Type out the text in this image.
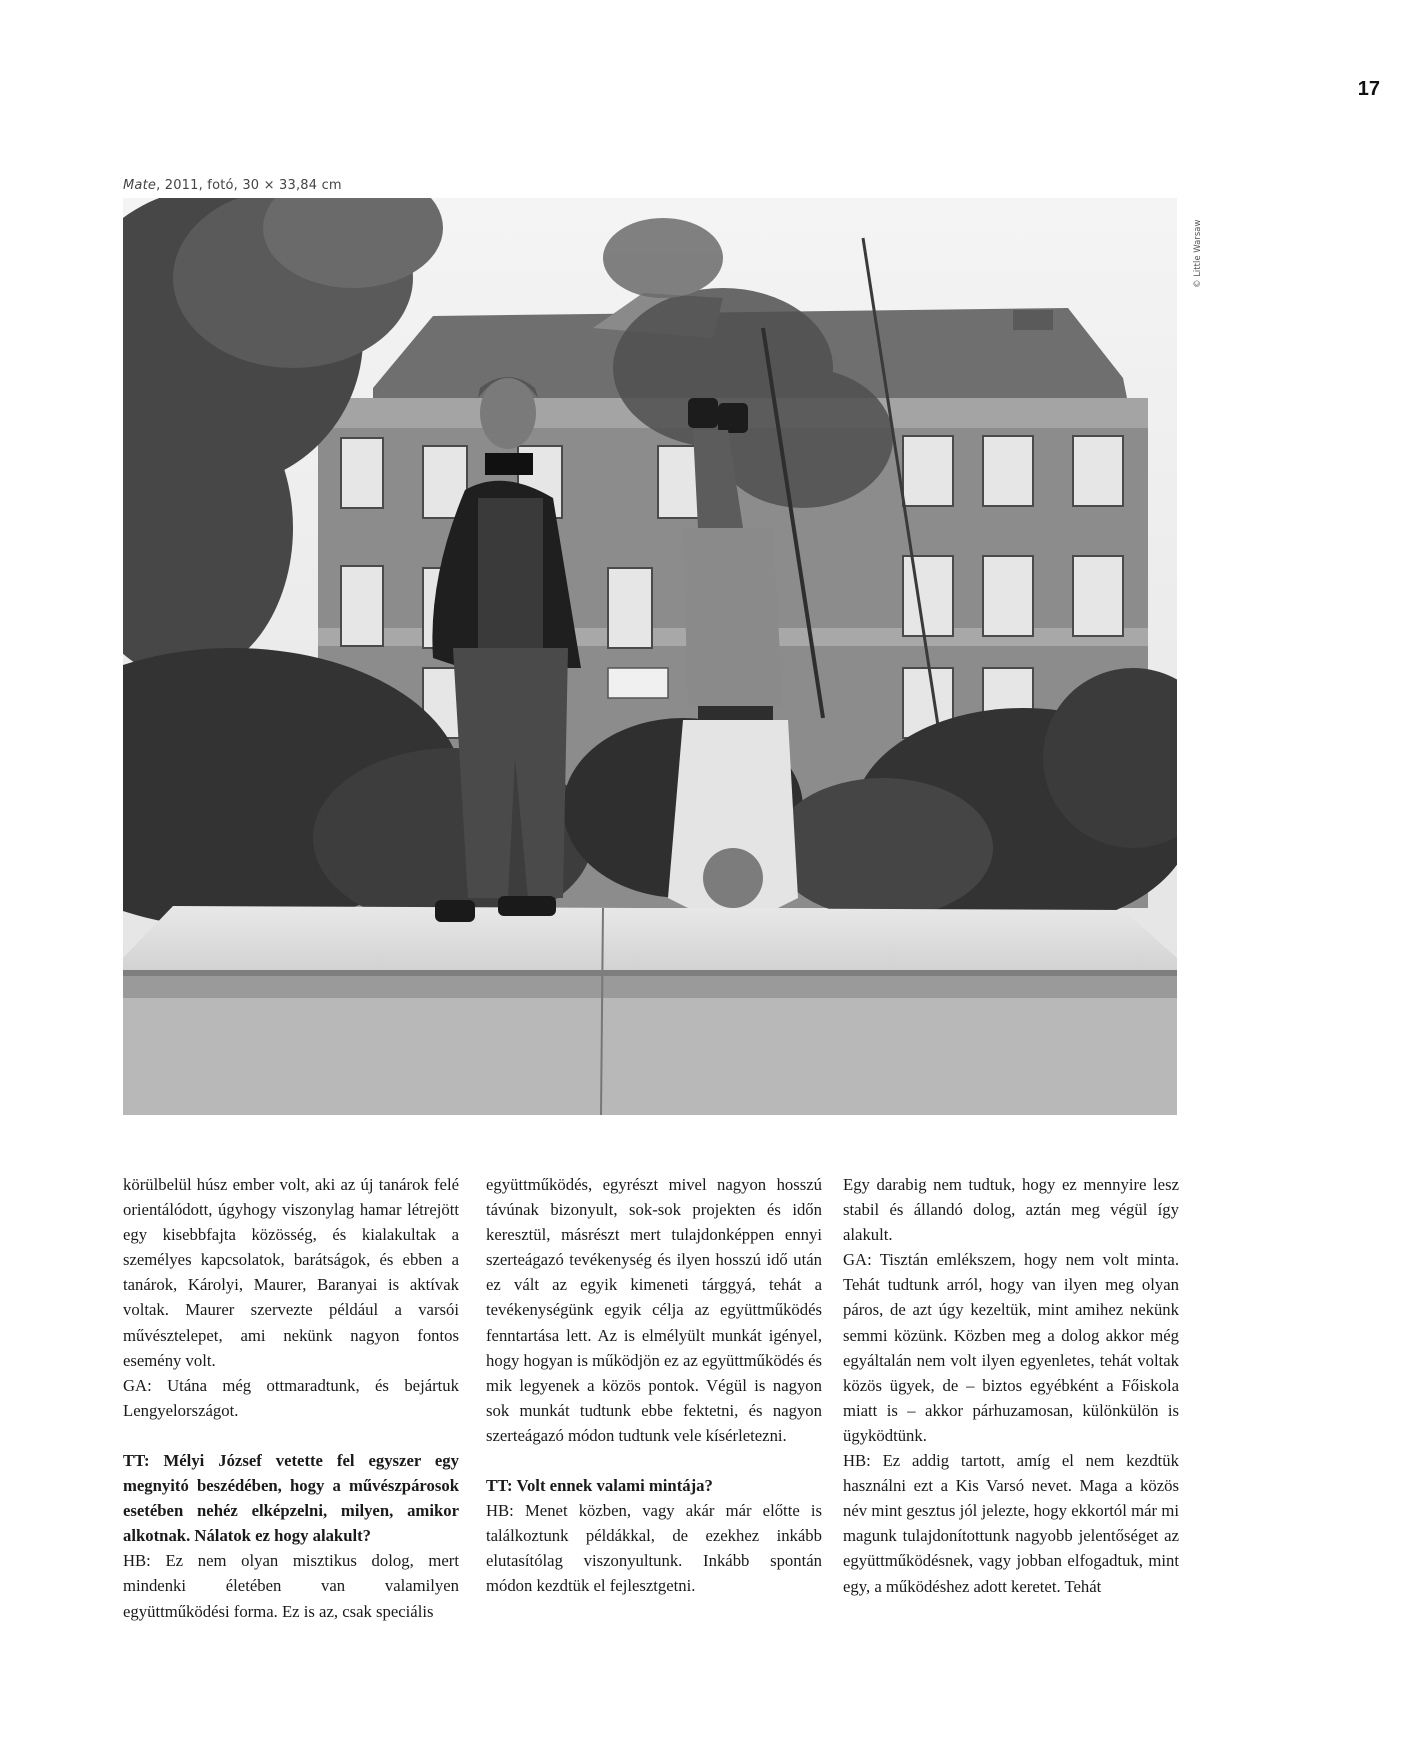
17
Mate, 2011, fotó, 30 × 33,84 cm
© Little Warsaw

körülbelül húsz ember volt, aki az új tanárok felé orientálódott, úgyhogy viszonylag hamar létrejött egy kisebbfajta közösség, és kialakultak a személyes kapcsolatok, barátságok, és ebben a tanárok, Károlyi, Maurer, Baranyai is aktívak voltak. Maurer szervezte például a varsói művésztelepet, ami nekünk nagyon fontos esemény volt.

GA: Utána még ottmaradtunk, és bejártuk Lengyelországot.

TT: Mélyi József vetette fel egyszer egy megnyitó beszédében, hogy a művészpárosok esetében nehéz elképzelni, milyen, amikor alkotnak. Nálatok ez hogy alakult?

HB: Ez nem olyan misztikus dolog, mert mindenki életében van valamilyen együttműködési forma. Ez is az, csak speciális

együttműködés, egyrészt mivel nagyon hosszú távúnak bizonyult, sok-sok projekten és időn keresztül, másrészt mert tulajdonképpen ennyi szerteágazó tevékenység és ilyen hosszú idő után ez vált az egyik kimeneti tárggyá, tehát a tevékenységünk egyik célja az együttműködés fenntartása lett. Az is elmélyült munkát igényel, hogy hogyan is működjön ez az együttműködés és mik legyenek a közös pontok. Végül is nagyon sok munkát tudtunk ebbe fektetni, és nagyon szerteágazó módon tudtunk vele kísérletezni.

TT: Volt ennek valami mintája?

HB: Menet közben, vagy akár már előtte is találkoztunk példákkal, de ezekhez inkább elutasítólag viszonyultunk. Inkább spontán módon kezdtük el fejlesztgetni.

Egy darabig nem tudtuk, hogy ez mennyire lesz stabil és állandó dolog, aztán meg végül így alakult.

GA: Tisztán emlékszem, hogy nem volt minta. Tehát tudtunk arról, hogy van ilyen meg olyan páros, de azt úgy kezeltük, mint amihez nekünk semmi közünk. Közben meg a dolog akkor még egyáltalán nem volt ilyen egyenletes, tehát voltak közös ügyek, de – biztos egyébként a Főiskola miatt is – akkor párhuzamosan, különkülön is ügyködtünk.

HB: Ez addig tartott, amíg el nem kezdtük használni ezt a Kis Varsó nevet. Maga a közös név mint gesztus jól jelezte, hogy ekkortól már mi magunk tulajdonítottunk nagyobb jelentőséget az együttműködésnek, vagy jobban elfogadtuk, mint egy, a működéshez adott keretet. Tehát
